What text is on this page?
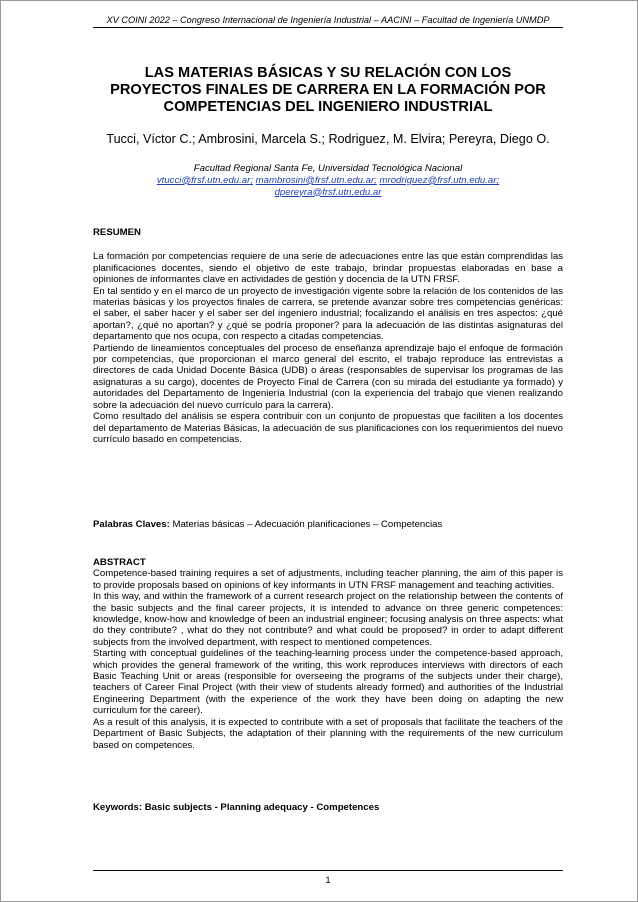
XV COINI 2022 – Congreso Internacional de Ingeniería Industrial – AACINI – Facultad de Ingeniería UNMDP
LAS MATERIAS BÁSICAS Y SU RELACIÓN CON LOS
PROYECTOS FINALES DE CARRERA EN LA FORMACIÓN POR
COMPETENCIAS DEL INGENIERO INDUSTRIAL
Tucci, Víctor C.; Ambrosini, Marcela S.; Rodriguez, M. Elvira; Pereyra, Diego O.
Facultad Regional Santa Fe, Universidad Tecnológica Nacional
vtucci@frsf.utn.edu.ar; mambrosini@frsf.utn.edu.ar; mrodriguez@frsf.utn.edu.ar;
dpereyra@frsf.utn.edu.ar

RESUMEN

La formación por competencias requiere de una serie de adecuaciones entre las que están comprendidas las planificaciones docentes, siendo el objetivo de este trabajo, brindar propuestas elaboradas en base a opiniones de informantes clave en actividades de gestión y docencia de la UTN FRSF.

En tal sentido y en el marco de un proyecto de investigación vigente sobre la relación de los contenidos de las materias básicas y los proyectos finales de carrera, se pretende avanzar sobre tres competencias genéricas: el saber, el saber hacer y el saber ser del ingeniero industrial; focalizando el análisis en tres aspectos: ¿qué aportan?, ¿qué no aportan? y ¿qué se podría proponer? para la adecuación de las distintas asignaturas del departamento que nos ocupa, con respecto a citadas competencias.

Partiendo de lineamientos conceptuales del proceso de enseñanza aprendizaje bajo el enfoque de formación por competencias, que proporcionan el marco general del escrito, el trabajo reproduce las entrevistas a directores de cada Unidad Docente Básica (UDB) o áreas (responsables de supervisar los programas de las asignaturas a su cargo), docentes de Proyecto Final de Carrera (con su mirada del estudiante ya formado) y autoridades del Departamento de Ingeniería Industrial (con la experiencia del trabajo que vienen realizando sobre la adecuación del nuevo currículo para la carrera).

Como resultado del análisis se espera contribuir con un conjunto de propuestas que faciliten a los docentes del departamento de Materias Básicas, la adecuación de sus planificaciones con los requerimientos del nuevo currículo basado en competencias.

Palabras Claves: Materias básicas – Adecuación planificaciones – Competencias

ABSTRACT

Competence-based training requires a set of adjustments, including teacher planning, the aim of this paper is to provide proposals based on opinions of key informants in UTN FRSF management and teaching activities.

In this way, and within the framework of a current research project on the relationship between the contents of the basic subjects and the final career projects, it is intended to advance on three generic competences: knowledge, know-how and knowledge of been an industrial engineer; focusing analysis on three aspects: what do they contribute? , what do they not contribute? and what could be proposed? in order to adapt different subjects from the involved department, with respect to mentioned competences.

Starting with conceptual guidelines of the teaching-learning process under the competence-based approach, which provides the general framework of the writing, this work reproduces interviews with directors of each Basic Teaching Unit or areas (responsible for overseeing the programs of the subjects under their charge), teachers of Career Final Project (with their view of students already formed) and authorities of the Industrial Engineering Department (with the experience of the work they have been doing on adapting the new curriculum for the career).

As a result of this analysis, it is expected to contribute with a set of proposals that facilitate the teachers of the Department of Basic Subjects, the adaptation of their planning with the requirements of the new curriculum based on competences.

Keywords: Basic subjects - Planning adequacy - Competences

1
